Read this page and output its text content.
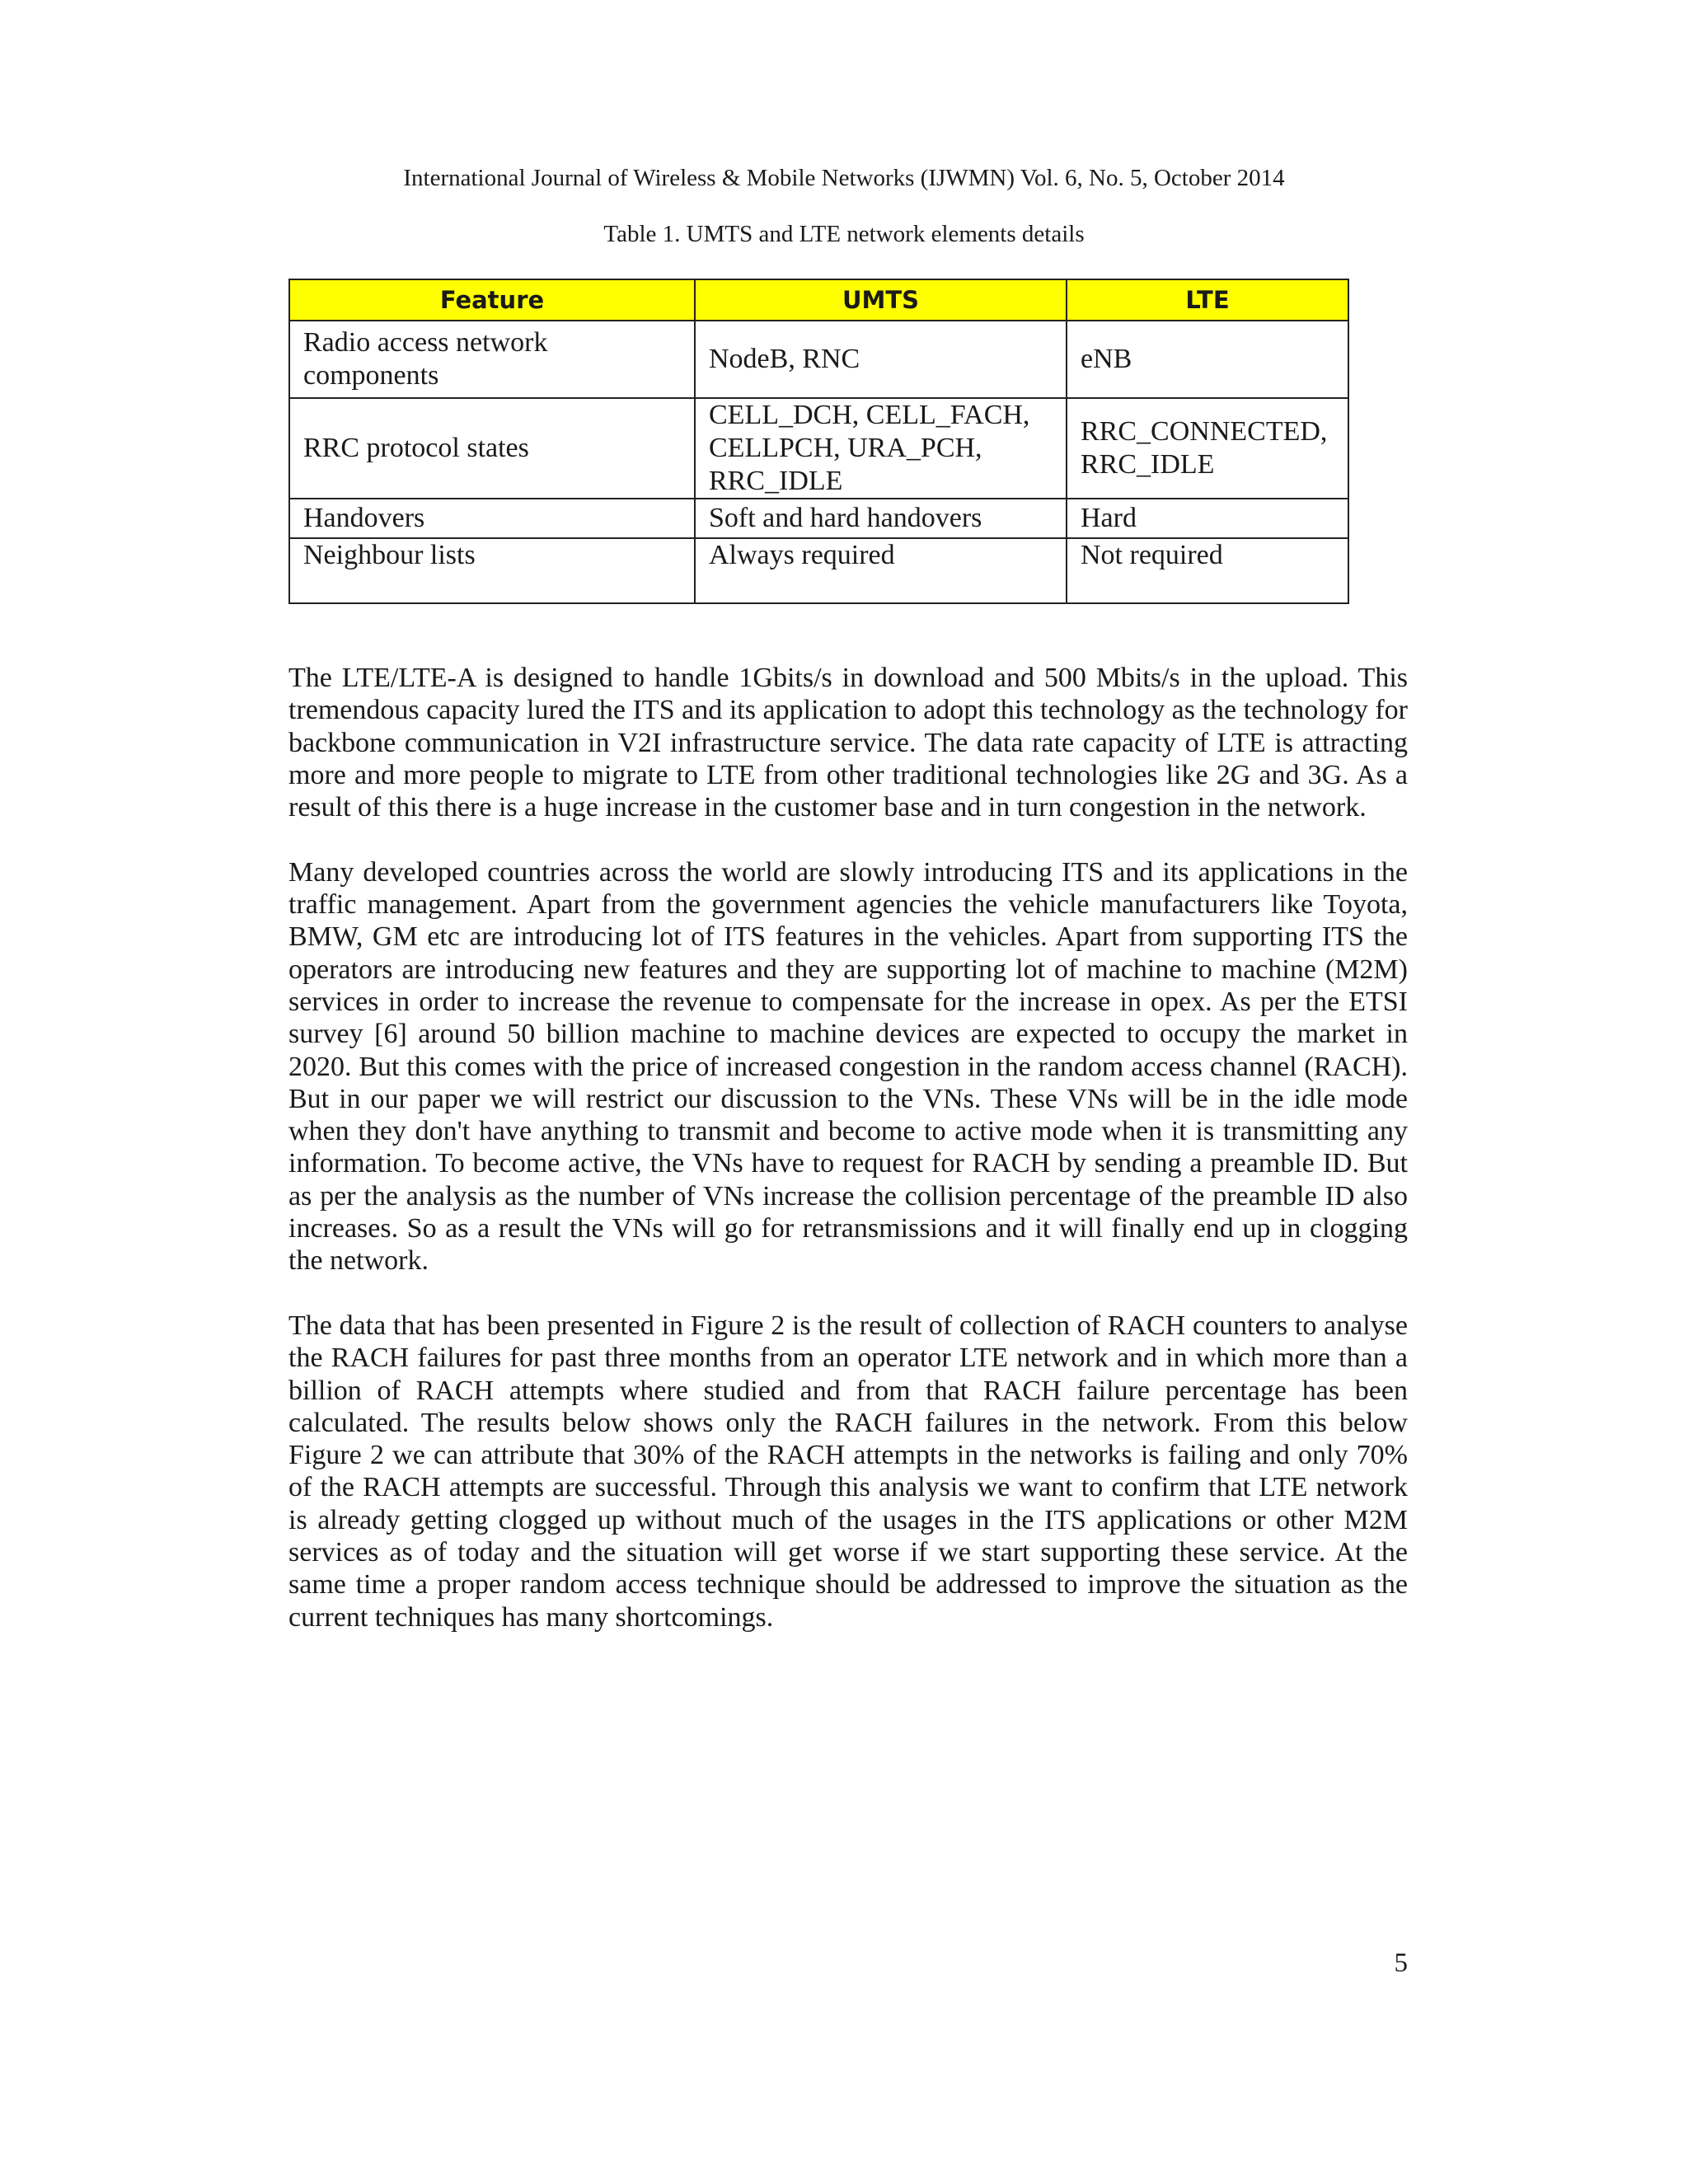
International Journal of Wireless & Mobile Networks (IJWMN) Vol. 6, No. 5, October 2014
Table 1. UMTS and LTE network elements details
Feature	UMTS	LTE
Radio access network components	NodeB, RNC	eNB
RRC protocol states	CELL_DCH, CELL_FACH, CELLPCH, URA_PCH, RRC_IDLE	RRC_CONNECTED, RRC_IDLE
Handovers	Soft and hard handovers	Hard
Neighbour lists	Always required	Not required

The LTE/LTE-A is designed to handle 1Gbits/s in download and 500 Mbits/s in the upload. This tremendous capacity lured the ITS and its application to adopt this technology as the technology for backbone communication in V2I infrastructure service. The data rate capacity of LTE is attracting more and more people to migrate to LTE from other traditional technologies like 2G and 3G. As a result of this there is a huge increase in the customer base and in turn congestion in the network.

Many developed countries across the world are slowly introducing ITS and its applications in the traffic management. Apart from the government agencies the vehicle manufacturers like Toyota, BMW, GM etc are introducing lot of ITS features in the vehicles. Apart from supporting ITS the operators are introducing new features and they are supporting lot of machine to machine (M2M) services in order to increase the revenue to compensate for the increase in opex. As per the ETSI survey [6] around 50 billion machine to machine devices are expected to occupy the market in 2020. But this comes with the price of increased congestion in the random access channel (RACH). But in our paper we will restrict our discussion to the VNs. These VNs will be in the idle mode when they don't have anything to transmit and become to active mode when it is transmitting any information. To become active, the VNs have to request for RACH by sending a preamble ID. But as per the analysis as the number of VNs increase the collision percentage of the preamble ID also increases. So as a result the VNs will go for retransmissions and it will finally end up in clogging the network.

The data that has been presented in Figure 2 is the result of collection of RACH counters to analyse the RACH failures for past three months from an operator LTE network and in which more than a billion of RACH attempts where studied and from that RACH failure percentage has been calculated. The results below shows only the RACH failures in the network. From this below Figure 2 we can attribute that 30% of the RACH attempts in the networks is failing and only 70% of the RACH attempts are successful. Through this analysis we want to confirm that LTE network is already getting clogged up without much of the usages in the ITS applications or other M2M services as of today and the situation will get worse if we start supporting these service. At the same time a proper random access technique should be addressed to improve the situation as the current techniques has many shortcomings.

5
